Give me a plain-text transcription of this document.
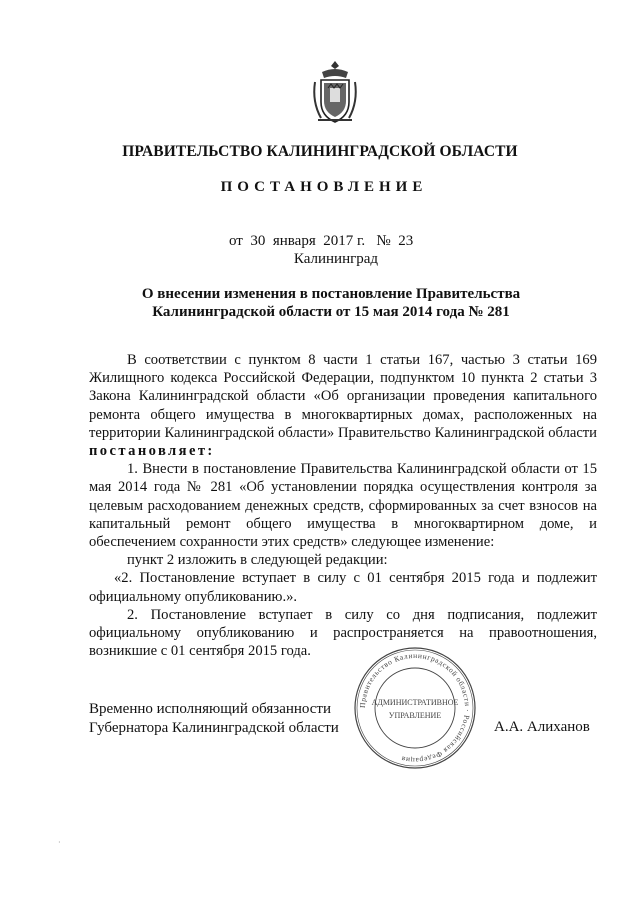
ПРАВИТЕЛЬСТВО КАЛИНИНГРАДСКОЙ ОБЛАСТИ
ПОСТАНОВЛЕНИЕ
от  30  января  2017 г.   №  23
Калининград
О внесении изменения в постановление Правительства
Калининградской области от 15 мая 2014 года № 281

В соответствии с пунктом 8 части 1 статьи 167, частью 3 статьи 169 Жилищного кодекса Российской Федерации, подпунктом 10 пункта 2 статьи 3 Закона Калининградской области «Об организации проведения капитального ремонта общего имущества в многоквартирных домах, расположенных на территории Калининградской области» Правительство Калининградской области постановляет:

1. Внести в постановление Правительства Калининградской области от 15 мая 2014 года № 281 «Об установлении порядка осуществления контроля за целевым расходованием денежных средств, сформированных за счет взносов на капитальный ремонт общего имущества в многоквартирном доме, и обеспечением сохранности этих средств» следующее изменение:

пункт 2 изложить в следующей редакции:

«2. Постановление вступает в силу с 01 сентября 2015 года и подлежит официальному опубликованию.».

2. Постановление вступает в силу со дня подписания, подлежит официальному опубликованию и распространяется на правоотношения, возникшие с 01 сентября 2015 года.

Временно исполняющий обязанности
Губернатора Калининградской области	А.А. Алиханов
Правительство Калининградской области · Российская Федерация
АДМИНИСТРАТИВНОЕ
УПРАВЛЕНИЕ
·
